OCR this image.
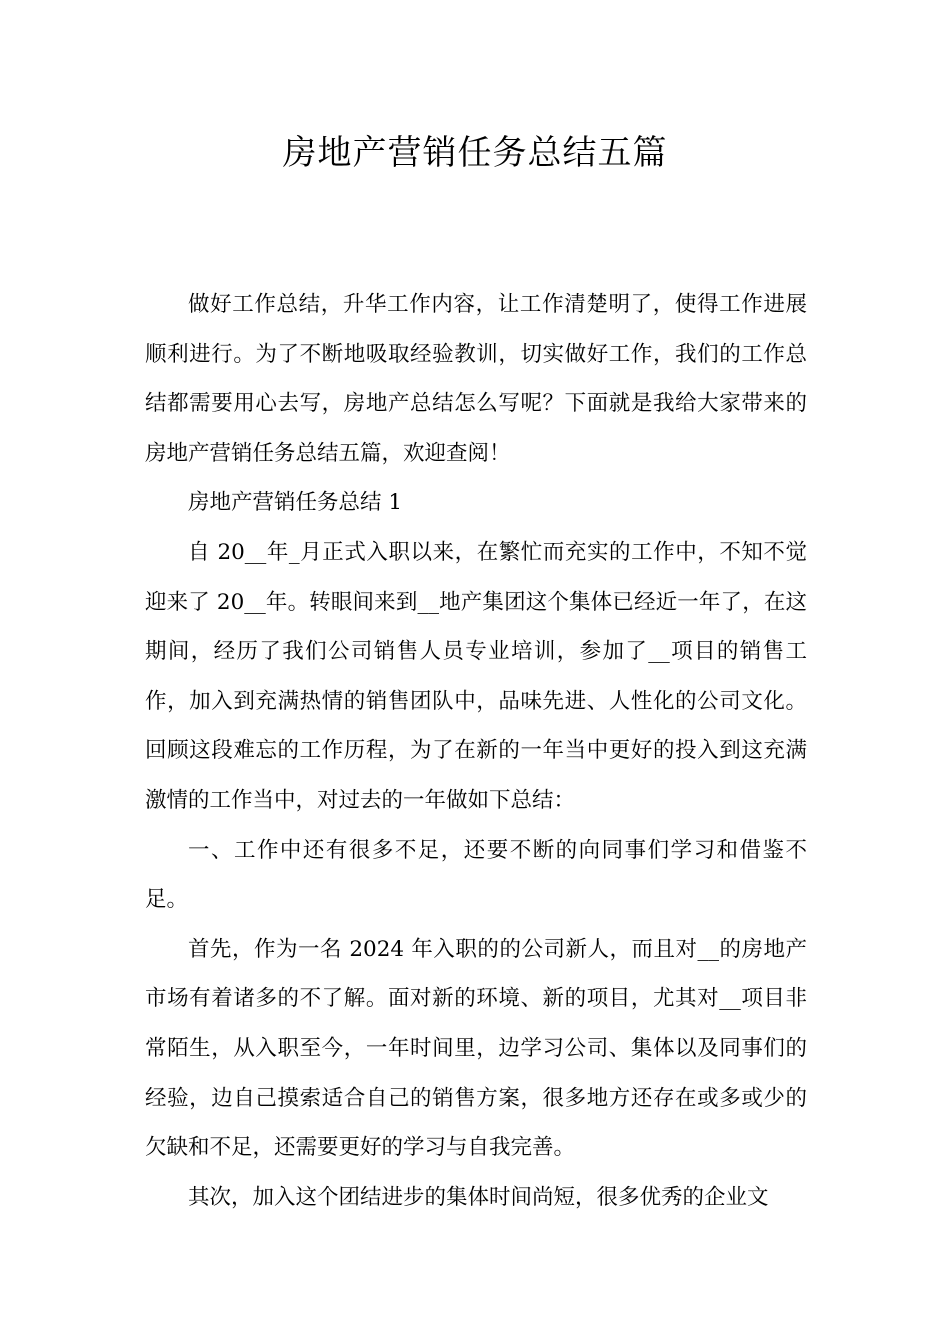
房地产营销任务总结五篇

做好工作总结，升华工作内容，让工作清楚明了，使得工作进展顺利进行。为了不断地吸取经验教训，切实做好工作，我们的工作总结都需要用心去写，房地产总结怎么写呢？下面就是我给大家带来的房地产营销任务总结五篇，欢迎查阅！

房地产营销任务总结 1

自 20__年_月正式入职以来，在繁忙而充实的工作中，不知不觉迎来了 20__年。转眼间来到__地产集团这个集体已经近一年了，在这期间，经历了我们公司销售人员专业培训，参加了__项目的销售工作，加入到充满热情的销售团队中，品味先进、人性化的公司文化。回顾这段难忘的工作历程，为了在新的一年当中更好的投入到这充满激情的工作当中，对过去的一年做如下总结：

一、工作中还有很多不足，还要不断的向同事们学习和借鉴不足。

首先，作为一名 2024 年入职的的公司新人，而且对__的房地产市场有着诸多的不了解。面对新的环境、新的项目，尤其对__项目非常陌生，从入职至今，一年时间里，边学习公司、集体以及同事们的经验，边自己摸索适合自己的销售方案，很多地方还存在或多或少的欠缺和不足，还需要更好的学习与自我完善。

其次，加入这个团结进步的集体时间尚短，很多优秀的企业文
